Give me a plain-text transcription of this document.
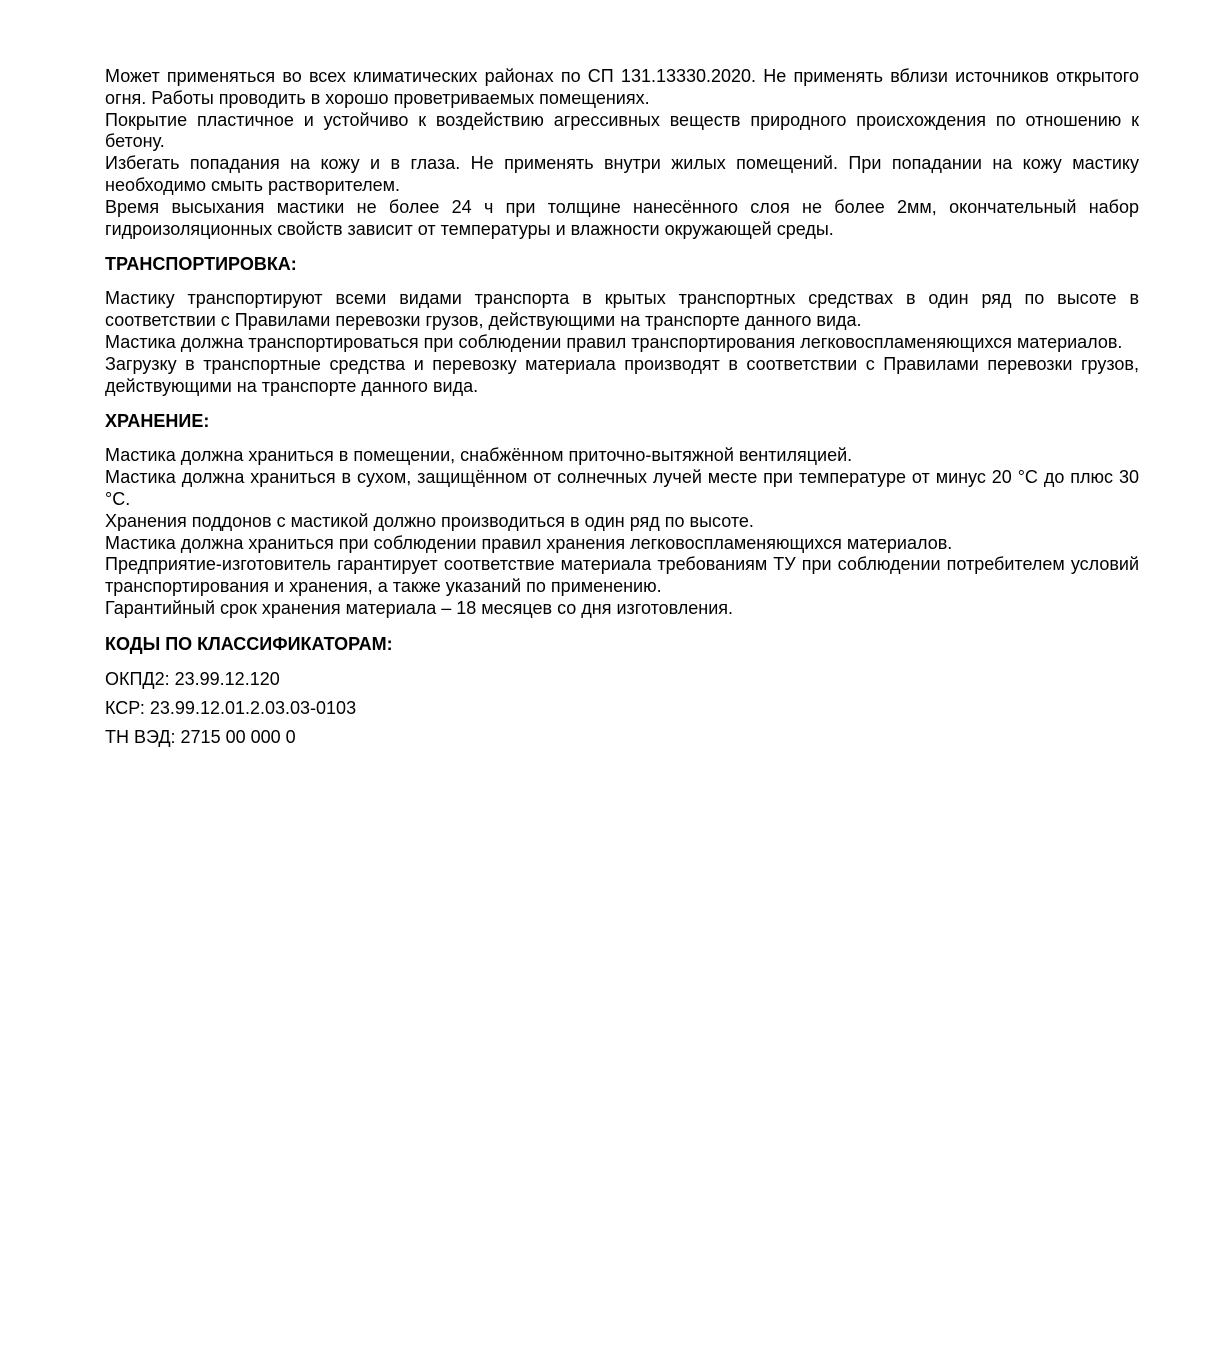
Может применяться во всех климатических районах по СП 131.13330.2020. Не применять вблизи источников открытого огня. Работы проводить в хорошо проветриваемых помещениях.

Покрытие пластичное и устойчиво к воздействию агрессивных веществ природного происхождения по отношению к бетону.

Избегать попадания на кожу и в глаза. Не применять внутри жилых помещений. При попадании на кожу мастику необходимо смыть растворителем.

Время высыхания мастики не более 24 ч при толщине нанесённого слоя не более 2мм, окончательный набор гидроизоляционных свойств зависит от температуры и влажности окружающей среды.

ТРАНСПОРТИРОВКА:

Мастику транспортируют всеми видами транспорта в крытых транспортных средствах в один ряд по высоте в соответствии с Правилами перевозки грузов, действующими на транспорте данного вида.

Мастика должна транспортироваться при соблюдении правил транспортирования легковоспламеняющихся материалов.

Загрузку в транспортные средства и перевозку материала производят в соответствии с Правилами перевозки грузов, действующими на транспорте данного вида.

ХРАНЕНИЕ:

Мастика должна храниться в помещении, снабжённом приточно-вытяжной вентиляцией.

Мастика должна храниться в сухом, защищённом от солнечных лучей месте при температуре от минус 20 °С до плюс 30 °С.

Хранения поддонов с мастикой должно производиться в один ряд по высоте.

Мастика должна храниться при соблюдении правил хранения легковоспламеняющихся материалов.

Предприятие-изготовитель гарантирует соответствие материала требованиям ТУ при соблюдении потребителем условий транспортирования и хранения, а также указаний по применению.

Гарантийный срок хранения материала – 18 месяцев со дня изготовления.

КОДЫ ПО КЛАССИФИКАТОРАМ:

ОКПД2: 23.99.12.120

КСР: 23.99.12.01.2.03.03-0103

ТН ВЭД: 2715 00 000 0
